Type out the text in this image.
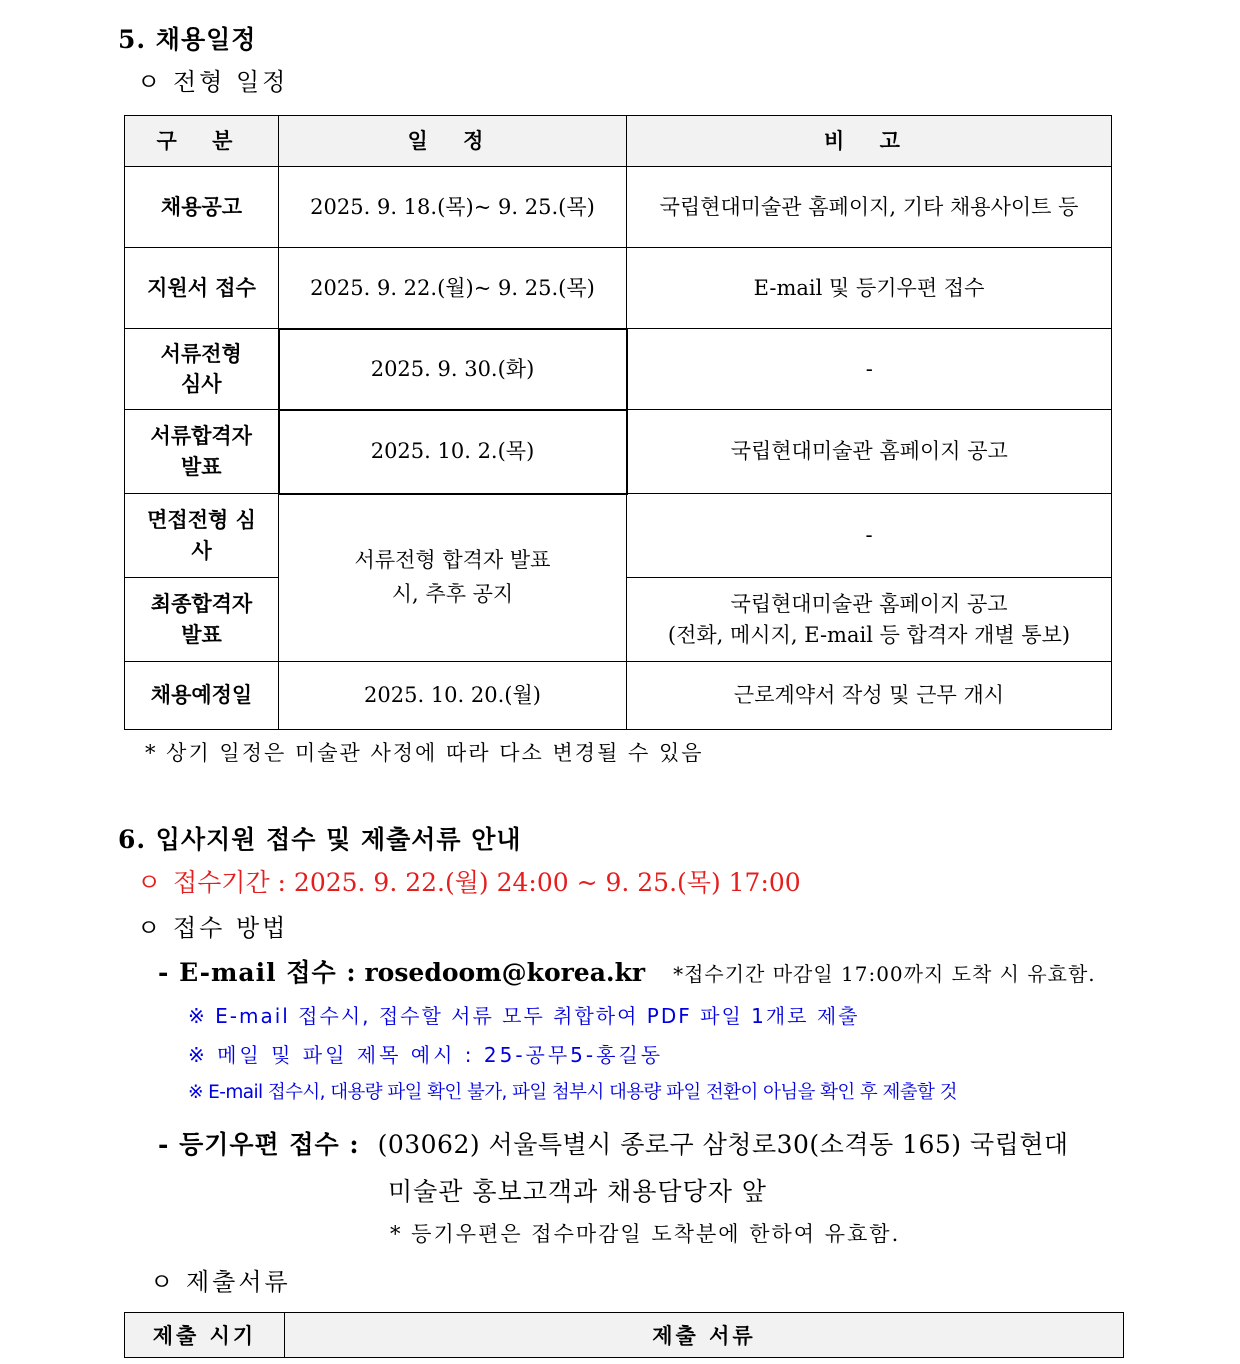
5. 채용일정
ㅇ 전형 일정
구 분	일 정	비 고
채용공고	2025. 9. 18.(목)~ 9. 25.(목)	국립현대미술관 홈페이지, 기타 채용사이트 등
지원서 접수	2025. 9. 22.(월)~ 9. 25.(목)	E-mail 및 등기우편 접수
서류전형 심사	2025. 9. 30.(화)	-
서류합격자 발표	2025. 10. 2.(목)	국립현대미술관 홈페이지 공고
면접전형 심사	서류전형 합격자 발표 시, 추후 공지	-
최종합격자 발표		국립현대미술관 홈페이지 공고
(전화, 메시지, E-mail 등 합격자 개별 통보)

채용예정일	2025. 10. 20.(월)	근로계약서 작성 및 근무 개시
* 상기 일정은 미술관 사정에 따라 다소 변경될 수 있음
6. 입사지원 접수 및 제출서류 안내
ㅇ 접수기간 : 2025. 9. 22.(월) 24:00 ~ 9. 25.(목) 17:00
ㅇ 접수 방법
- E-mail 접수 : rosedoom@korea.kr *접수기간 마감일 17:00까지 도착 시 유효함.
※ E-mail 접수시, 접수할 서류 모두 취합하여 PDF 파일 1개로 제출
※ 메일 및 파일 제목 예시 : 25-공무5-홍길동
※ E-mail 접수시, 대용량 파일 확인 불가, 파일 첨부시 대용량 파일 전환이 아님을 확인 후 제출할 것
- 등기우편 접수 : (03062) 서울특별시 종로구 삼청로30(소격동 165) 국립현대
미술관 홍보고객과 채용담당자 앞
* 등기우편은 접수마감일 도착분에 한하여 유효함.
ㅇ 제출서류
제출 시기	제출 서류
